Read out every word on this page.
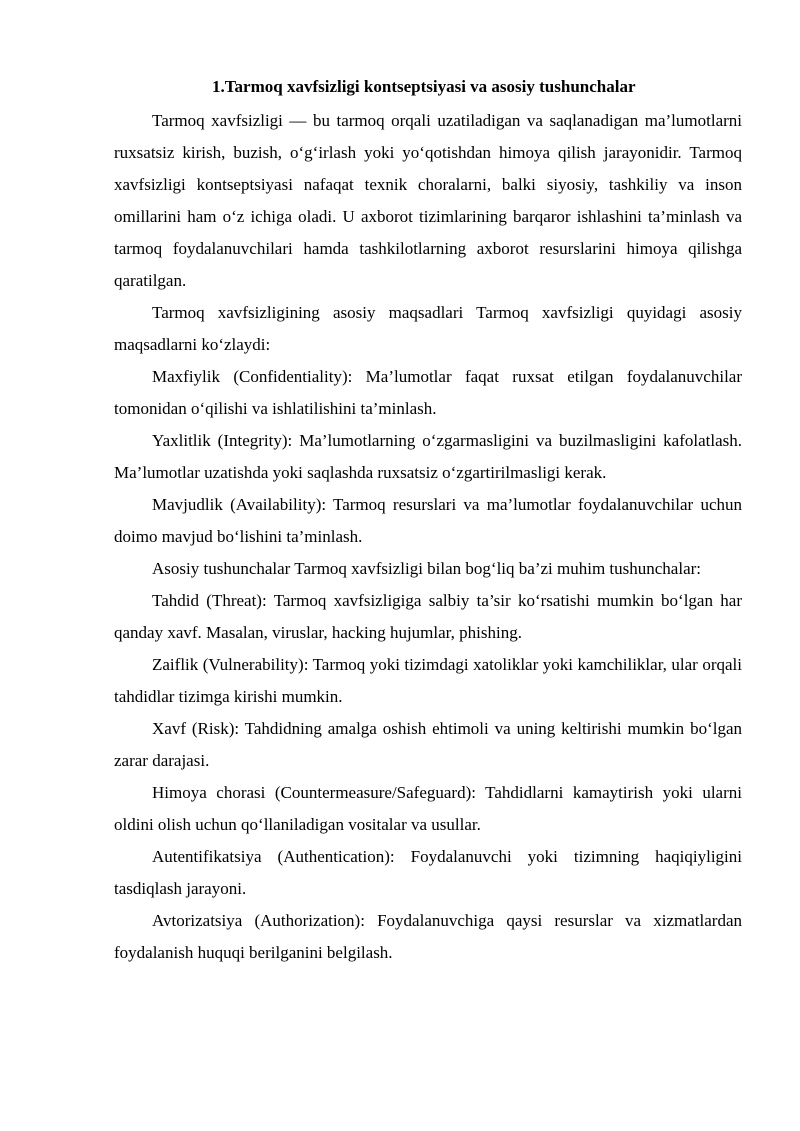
1.Tarmoq xavfsizligi kontseptsiyasi va asosiy tushunchalar

Tarmoq xavfsizligi — bu tarmoq orqali uzatiladigan va saqlanadigan ma’lumotlarni ruxsatsiz kirish, buzish, o‘g‘irlash yoki yo‘qotishdan himoya qilish jarayonidir. Tarmoq xavfsizligi kontseptsiyasi nafaqat texnik choralarni, balki siyosiy, tashkiliy va inson omillarini ham o‘z ichiga oladi. U axborot tizimlarining barqaror ishlashini ta’minlash va tarmoq foydalanuvchilari hamda tashkilotlarning axborot resurslarini himoya qilishga qaratilgan.

Tarmoq xavfsizligining asosiy maqsadlari Tarmoq xavfsizligi quyidagi asosiy maqsadlarni ko‘zlaydi:

Maxfiylik (Confidentiality): Ma’lumotlar faqat ruxsat etilgan foydalanuvchilar tomonidan o‘qilishi va ishlatilishini ta’minlash.

Yaxlitlik (Integrity): Ma’lumotlarning o‘zgarmasligini va buzilmasligini kafolatlash. Ma’lumotlar uzatishda yoki saqlashda ruxsatsiz o‘zgartirilmasligi kerak.

Mavjudlik (Availability): Tarmoq resurslari va ma’lumotlar foydalanuvchilar uchun doimo mavjud bo‘lishini ta’minlash.

Asosiy tushunchalar Tarmoq xavfsizligi bilan bog‘liq ba’zi muhim tushunchalar:

Tahdid (Threat): Tarmoq xavfsizligiga salbiy ta’sir ko‘rsatishi mumkin bo‘lgan har qanday xavf. Masalan, viruslar, hacking hujumlar, phishing.

Zaiflik (Vulnerability): Tarmoq yoki tizimdagi xatoliklar yoki kamchiliklar, ular orqali tahdidlar tizimga kirishi mumkin.

Xavf (Risk): Tahdidning amalga oshish ehtimoli va uning keltirishi mumkin bo‘lgan zarar darajasi.

Himoya chorasi (Countermeasure/Safeguard): Tahdidlarni kamaytirish yoki ularni oldini olish uchun qo‘llaniladigan vositalar va usullar.

Autentifikatsiya (Authentication): Foydalanuvchi yoki tizimning haqiqiyligini tasdiqlash jarayoni.

Avtorizatsiya (Authorization): Foydalanuvchiga qaysi resurslar va xizmatlardan foydalanish huquqi berilganini belgilash.
